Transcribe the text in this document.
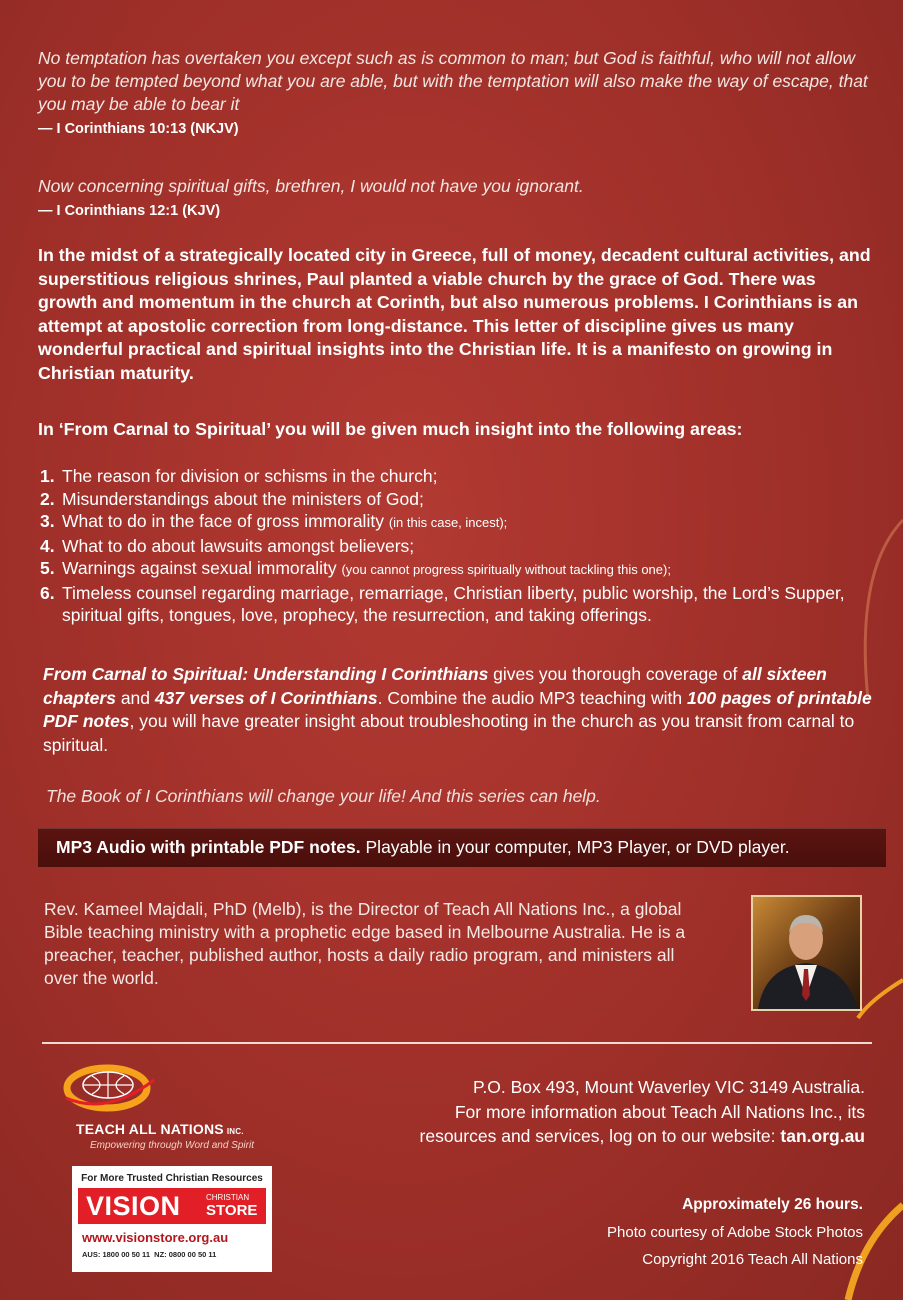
No temptation has overtaken you except such as is common to man; but God is faithful, who will not allow you to be tempted beyond what you are able, but with the temptation will also make the way of escape, that you may be able to bear it
— I Corinthians 10:13 (NKJV)
Now concerning spiritual gifts, brethren, I would not have you ignorant.
— I Corinthians 12:1 (KJV)
In the midst of a strategically located city in Greece, full of money, decadent cultural activities, and superstitious religious shrines, Paul planted a viable church by the grace of God. There was growth and momentum in the church at Corinth, but also numerous problems. I Corinthians is an attempt at apostolic correction from long-distance. This letter of discipline gives us many wonderful practical and spiritual insights into the Christian life. It is a manifesto on growing in Christian maturity.
In ‘From Carnal to Spiritual’ you will be given much insight into the following areas:
1. The reason for division or schisms in the church;
2. Misunderstandings about the ministers of God;
3. What to do in the face of gross immorality (in this case, incest);
4. What to do about lawsuits amongst believers;
5. Warnings against sexual immorality (you cannot progress spiritually without tackling this one);
6. Timeless counsel regarding marriage, remarriage, Christian liberty, public worship, the Lord’s Supper, spiritual gifts, tongues, love, prophecy, the resurrection, and taking offerings.
From Carnal to Spiritual: Understanding I Corinthians gives you thorough coverage of all sixteen chapters and 437 verses of I Corinthians. Combine the audio MP3 teaching with 100 pages of printable PDF notes, you will have greater insight about troubleshooting in the church as you transit from carnal to spiritual.
The Book of I Corinthians will change your life! And this series can help.
MP3 Audio with printable PDF notes. Playable in your computer, MP3 Player, or DVD player.
Rev. Kameel Majdali, PhD (Melb), is the Director of Teach All Nations Inc., a global Bible teaching ministry with a prophetic edge based in Melbourne Australia. He is a preacher, teacher, published author, hosts a daily radio program, and ministers all over the world.
TEACH ALL NATIONS INC.
Empowering through Word and Spirit
For More Trusted Christian Resources
VISION	CHRISTIAN
STORE
www.visionstore.org.au
AUS: 1800 00 50 11 NZ: 0800 00 50 11
P.O. Box 493, Mount Waverley VIC 3149 Australia.
For more information about Teach All Nations Inc., its
resources and services, log on to our website: tan.org.au
Approximately 26 hours.
Photo courtesy of Adobe Stock Photos
Copyright 2016 Teach All Nations
